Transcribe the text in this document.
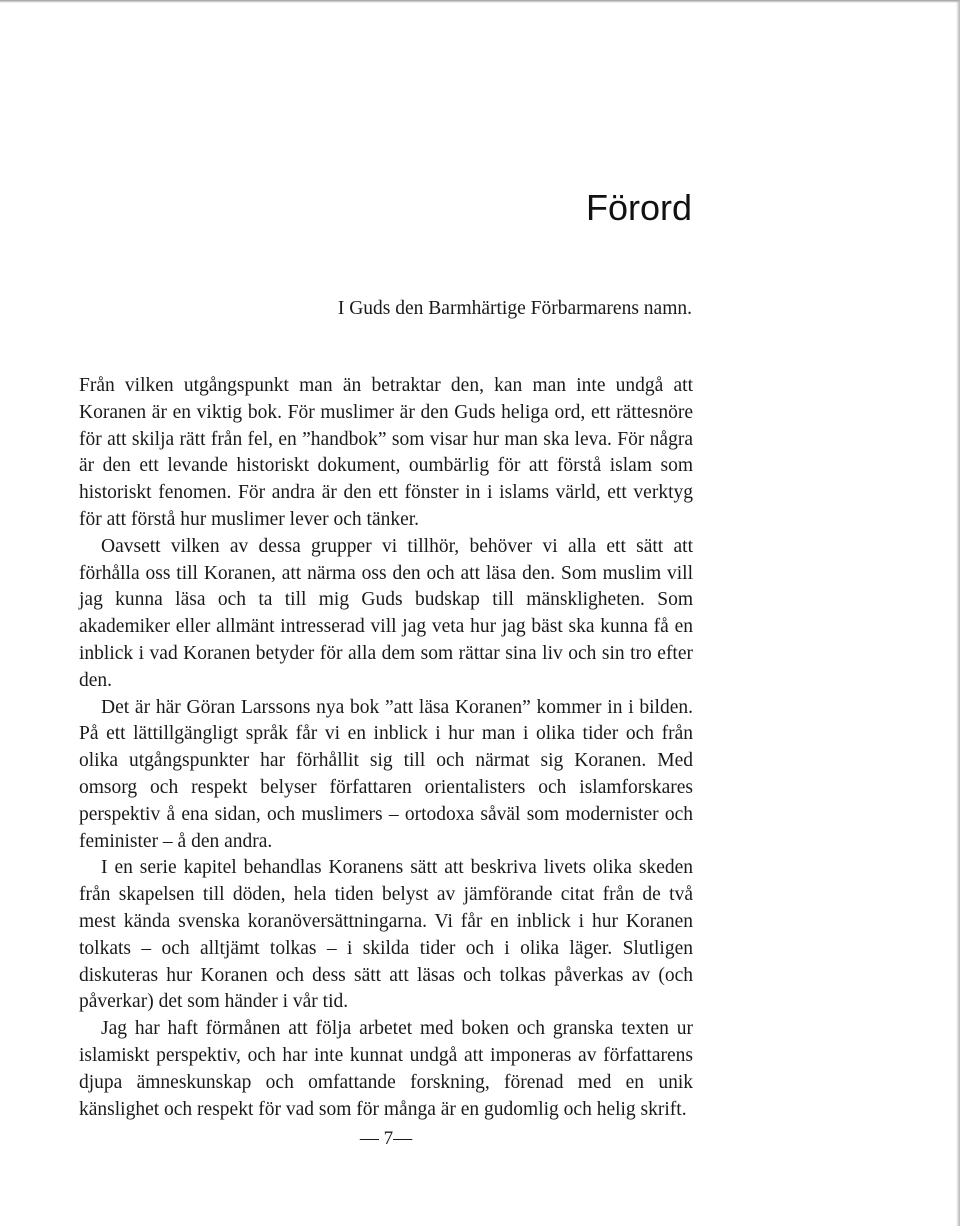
Förord

I Guds den Barmhärtige Förbarmarens namn.

Från vilken utgångspunkt man än betraktar den, kan man inte undgå att Koranen är en viktig bok. För muslimer är den Guds heliga ord, ett rättesnöre för att skilja rätt från fel, en ”handbok” som visar hur man ska leva. För några är den ett levande historiskt dokument, oumbärlig för att förstå islam som historiskt fenomen. För andra är den ett fönster in i islams värld, ett verktyg för att förstå hur muslimer lever och tänker.

Oavsett vilken av dessa grupper vi tillhör, behöver vi alla ett sätt att förhålla oss till Koranen, att närma oss den och att läsa den. Som muslim vill jag kunna läsa och ta till mig Guds budskap till mänskligheten. Som akademiker eller allmänt intresserad vill jag veta hur jag bäst ska kunna få en inblick i vad Koranen betyder för alla dem som rättar sina liv och sin tro efter den.

Det är här Göran Larssons nya bok ”att läsa Koranen” kommer in i bilden. På ett lättillgängligt språk får vi en inblick i hur man i olika tider och från olika utgångspunkter har förhållit sig till och närmat sig Koranen. Med omsorg och respekt belyser författaren orientalisters och islamforskares perspektiv å ena sidan, och muslimers – ortodoxa såväl som modernister och feminister – å den andra.

I en serie kapitel behandlas Koranens sätt att beskriva livets olika skeden från skapelsen till döden, hela tiden belyst av jämförande citat från de två mest kända svenska koranöversättningarna. Vi får en inblick i hur Koranen tolkats – och alltjämt tolkas – i skilda tider och i olika läger. Slutligen diskuteras hur Koranen och dess sätt att läsas och tolkas påverkas av (och påverkar) det som händer i vår tid.

Jag har haft förmånen att följa arbetet med boken och granska texten ur islamiskt perspektiv, och har inte kunnat undgå att imponeras av författarens djupa ämneskunskap och omfattande forskning, förenad med en unik känslighet och respekt för vad som för många är en gudomlig och helig skrift.

— 7—
